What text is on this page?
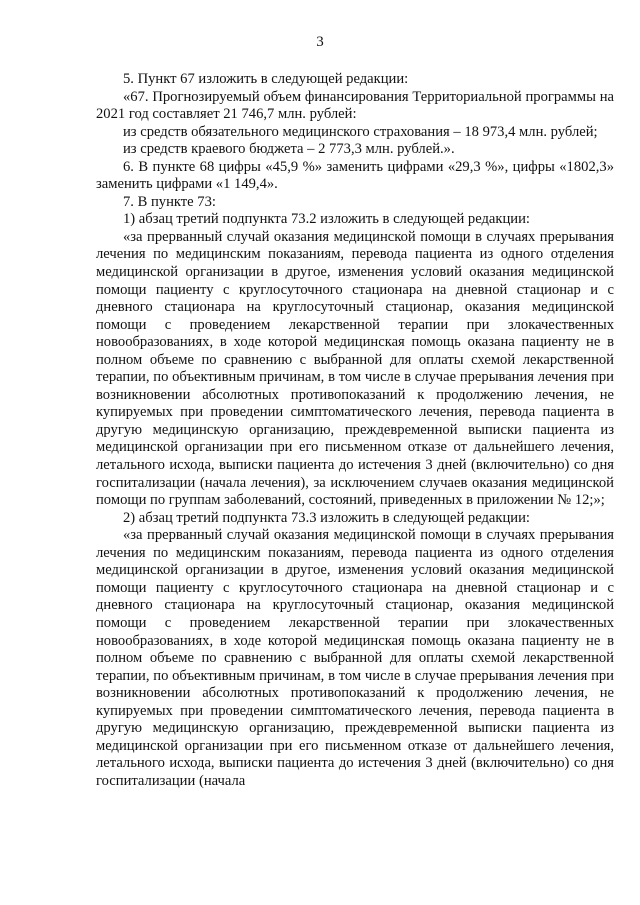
3

5. Пункт 67 изложить в следующей редакции:

«67. Прогнозируемый объем финансирования Территориальной программы на 2021 год составляет 21 746,7 млн. рублей:

из средств обязательного медицинского страхования – 18 973,4 млн. рублей;

из средств краевого бюджета – 2 773,3 млн. рублей.».

6. В пункте 68 цифры «45,9 %» заменить цифрами «29,3 %», цифры «1802,3» заменить цифрами «1 149,4».

7. В пункте 73:

1) абзац третий подпункта 73.2 изложить в следующей редакции:

«за прерванный случай оказания медицинской помощи в случаях прерывания лечения по медицинским показаниям, перевода пациента из одного отделения медицинской организации в другое, изменения условий оказания медицинской помощи пациенту с круглосуточного стационара на дневной стационар и с дневного стационара на круглосуточный стационар, оказания медицинской помощи с проведением лекарственной терапии при злокачественных новообразованиях, в ходе которой медицинская помощь оказана пациенту не в полном объеме по сравнению с выбранной для оплаты схемой лекарственной терапии, по объективным причинам, в том числе в случае прерывания лечения при возникновении абсолютных противопоказаний к продолжению лечения, не купируемых при проведении симптоматического лечения, перевода пациента в другую медицинскую организацию, преждевременной выписки пациента из медицинской организации при его письменном отказе от дальнейшего лечения, летального исхода, выписки пациента до истечения 3 дней (включительно) со дня госпитализации (начала лечения), за исключением случаев оказания медицинской помощи по группам заболеваний, состояний, приведенных в приложении № 12;»;

2) абзац третий подпункта 73.3 изложить в следующей редакции:

«за прерванный случай оказания медицинской помощи в случаях прерывания лечения по медицинским показаниям, перевода пациента из одного отделения медицинской организации в другое, изменения условий оказания медицинской помощи пациенту с круглосуточного стационара на дневной стационар и с дневного стационара на круглосуточный стационар, оказания медицинской помощи с проведением лекарственной терапии при злокачественных новообразованиях, в ходе которой медицинская помощь оказана пациенту не в полном объеме по сравнению с выбранной для оплаты схемой лекарственной терапии, по объективным причинам, в том числе в случае прерывания лечения при возникновении абсолютных противопоказаний к продолжению лечения, не купируемых при проведении симптоматического лечения, перевода пациента в другую медицинскую организацию, преждевременной выписки пациента из медицинской организации при его письменном отказе от дальнейшего лечения, летального исхода, выписки пациента до истечения 3 дней (включительно) со дня госпитализации (начала
